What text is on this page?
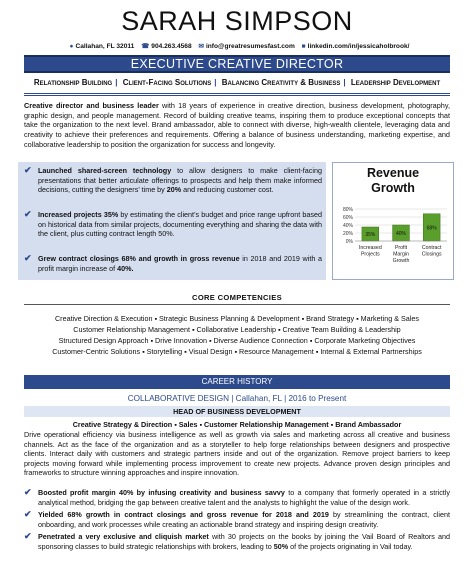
SARAH SIMPSON
● Callahan, FL 32011 ☎ 904.263.4568 ✉ info@greatresumesfast.com ■ linkedin.com/in/jessicaholbrook/
EXECUTIVE CREATIVE DIRECTOR
Relationship Building | Client-Facing Solutions | Balancing Creativity & Business | Leadership Development
Creative director and business leader with 18 years of experience in creative direction, business development, photography, graphic design, and people management. Record of building creative teams, inspiring them to produce exceptional concepts that take the organization to the next level. Brand ambassador, able to connect with diverse, high-wealth clientele, leveraging data and creativity to achieve their preferences and requirements. Offering a balance of business understanding, marketing expertise, and collaborative leadership to position the organization for success and longevity.
✔ Launched shared-screen technology to allow designers to make client-facing presentations that better articulate offerings to prospects and help them make informed decisions, cutting the designers’ time by 20% and reducing customer cost.
✔ Increased projects 35% by estimating the client’s budget and price range upfront based on historical data from similar projects, documenting everything and sharing the data with the client, plus cutting contract length 50%.
✔ Grew contract closings 68% and growth in gross revenue in 2018 and 2019 with a profit margin increase of 40%.
Revenue
Growth
0%
20%
40%
60%
80%
35%
Increased
Projects
40%
Profit
Margin
Growth
68%
Contract
Closings
CORE COMPETENCIES
Creative Direction & Execution ▪ Strategic Business Planning & Development ▪ Brand Strategy ▪ Marketing & Sales
Customer Relationship Management ▪ Collaborative Leadership ▪ Creative Team Building & Leadership
Structured Design Approach ▪ Drive Innovation ▪ Diverse Audience Connection ▪ Corporate Marketing Objectives
Customer-Centric Solutions ▪ Storytelling ▪ Visual Design ▪ Resource Management ▪ Internal & External Partnerships
CAREER HISTORY
COLLABORATIVE DESIGN | Callahan, FL | 2016 to Present
HEAD OF BUSINESS DEVELOPMENT
Creative Strategy & Direction ▪ Sales ▪ Customer Relationship Management ▪ Brand Ambassador
Drive operational efficiency via business intelligence as well as growth via sales and marketing across all creative and business channels. Act as the face of the organization and as a storyteller to help forge relationships between designers and prospective clients. Interact daily with customers and strategic partners inside and out of the organization. Remove project barriers to keep projects moving forward while implementing process improvement to create new projects. Advance proven design principles and frameworks to structure winning approaches and inspire innovation.
✔ Boosted profit margin 40% by infusing creativity and business savvy to a company that formerly operated in a strictly analytical method, bridging the gap between creative talent and the analysts to highlight the value of the design work.
✔ Yielded 68% growth in contract closings and gross revenue for 2018 and 2019 by streamlining the contract, client onboarding, and work processes while creating an actionable brand strategy and inspiring design creativity.
✔ Penetrated a very exclusive and cliquish market with 30 projects on the books by joining the Vail Board of Realtors and sponsoring classes to build strategic relationships with brokers, leading to 50% of the projects originating in Vail today.
